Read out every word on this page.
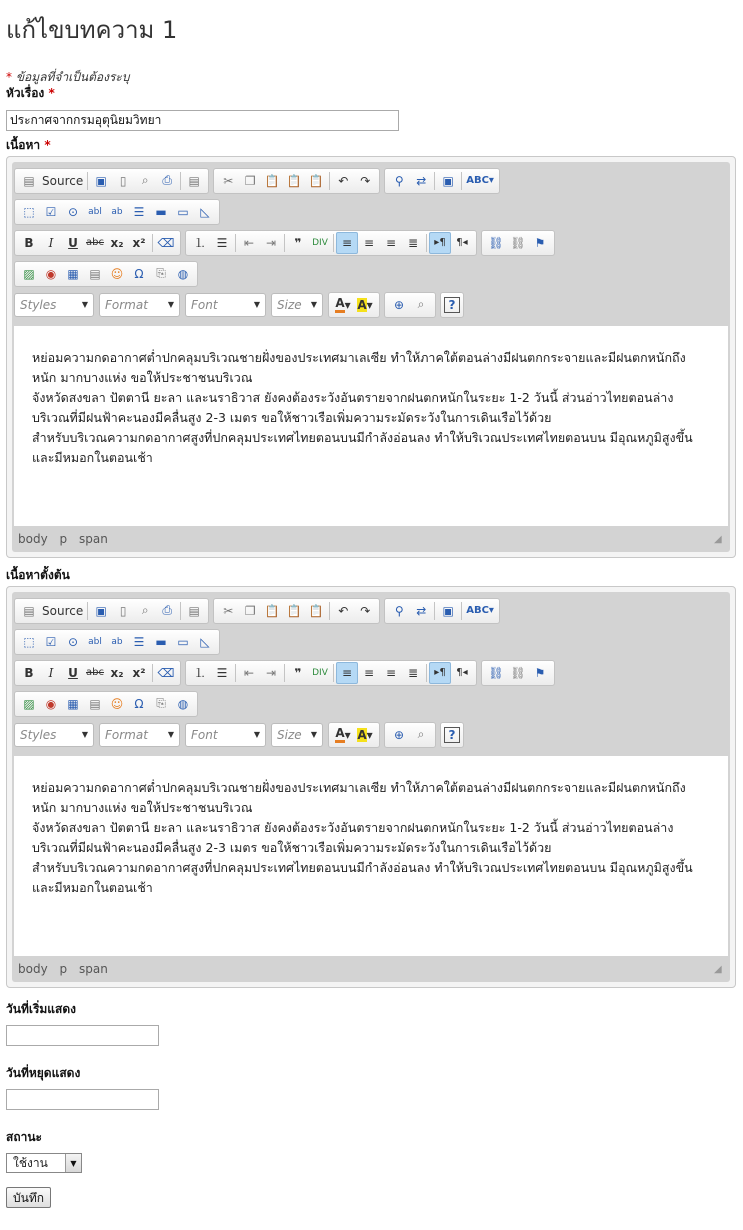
แก้ไขบทความ 1
* ข้อมูลที่จำเป็นต้องระบุ
หัวเรื่อง *
ประกาศจากกรมอุตุนิยมวิทยา
เนื้อหา *
▤ Source	▣	▯	⌕	⎙	▤	✂ ❐ 📋 📋 📋	↶ ↷	⚲	⇄	▣	ABC▾
⬚ ☑ ⊙	abl	ab ☰ ▬ ▭ ◺
B	I	U abc x₂ x²	⌫	⒈ ☰	⇤ ⇥	❞	DIV	≡ ≡ ≡ ≣	▸¶	¶◂	⛓ ⛓ ⚑
▨ ◉ ▦ ▤ ☺ Ω	⎘ ◍
Styles	▼ Format ▼ Font	▼ Size ▼ A ▾ A ▾	⊕	⌕	?

หย่อมความกดอากาศต่ำปกคลุมบริเวณชายฝั่งของประเทศมาเลเซีย ทำให้ภาคใต้ตอนล่างมีฝนตกกระจายและมีฝนตกหนักถึงหนัก มากบางแห่ง ขอให้ประชาชนบริเวณ

จังหวัดสงขลา ปัตตานี ยะลา และนราธิวาส ยังคงต้องระวังอันตรายจากฝนตกหนักในระยะ 1-2 วันนี้ ส่วนอ่าวไทยตอนล่างบริเวณที่มีฝนฟ้าคะนองมีคลื่นสูง 2-3 เมตร ขอให้ชาวเรือเพิ่มความระมัดระวังในการเดินเรือไว้ด้วย

สำหรับบริเวณความกดอากาศสูงที่ปกคลุมประเทศไทยตอนบนมีกำลังอ่อนลง ทำให้บริเวณประเทศไทยตอนบน มีอุณหภูมิสูงขึ้น และมีหมอกในตอนเช้า

body p span	◢
เนื้อหาตั้งต้น
▤ Source	▣	▯	⌕	⎙	▤	✂ ❐ 📋 📋 📋	↶ ↷	⚲	⇄	▣	ABC▾
⬚ ☑ ⊙	abl	ab ☰ ▬ ▭ ◺
B	I	U abc x₂ x²	⌫	⒈ ☰	⇤ ⇥	❞	DIV	≡ ≡ ≡ ≣	▸¶	¶◂	⛓ ⛓ ⚑
▨ ◉ ▦ ▤ ☺ Ω	⎘ ◍
Styles	▼ Format ▼ Font	▼ Size ▼ A ▾ A ▾	⊕	⌕	?

หย่อมความกดอากาศต่ำปกคลุมบริเวณชายฝั่งของประเทศมาเลเซีย ทำให้ภาคใต้ตอนล่างมีฝนตกกระจายและมีฝนตกหนักถึงหนัก มากบางแห่ง ขอให้ประชาชนบริเวณ

จังหวัดสงขลา ปัตตานี ยะลา และนราธิวาส ยังคงต้องระวังอันตรายจากฝนตกหนักในระยะ 1-2 วันนี้ ส่วนอ่าวไทยตอนล่างบริเวณที่มีฝนฟ้าคะนองมีคลื่นสูง 2-3 เมตร ขอให้ชาวเรือเพิ่มความระมัดระวังในการเดินเรือไว้ด้วย

สำหรับบริเวณความกดอากาศสูงที่ปกคลุมประเทศไทยตอนบนมีกำลังอ่อนลง ทำให้บริเวณประเทศไทยตอนบน มีอุณหภูมิสูงขึ้น และมีหมอกในตอนเช้า

body p span	◢
วันที่เริ่มแสดง
วันที่หยุดแสดง
สถานะ
ใช้งาน	▼
บันทึก
